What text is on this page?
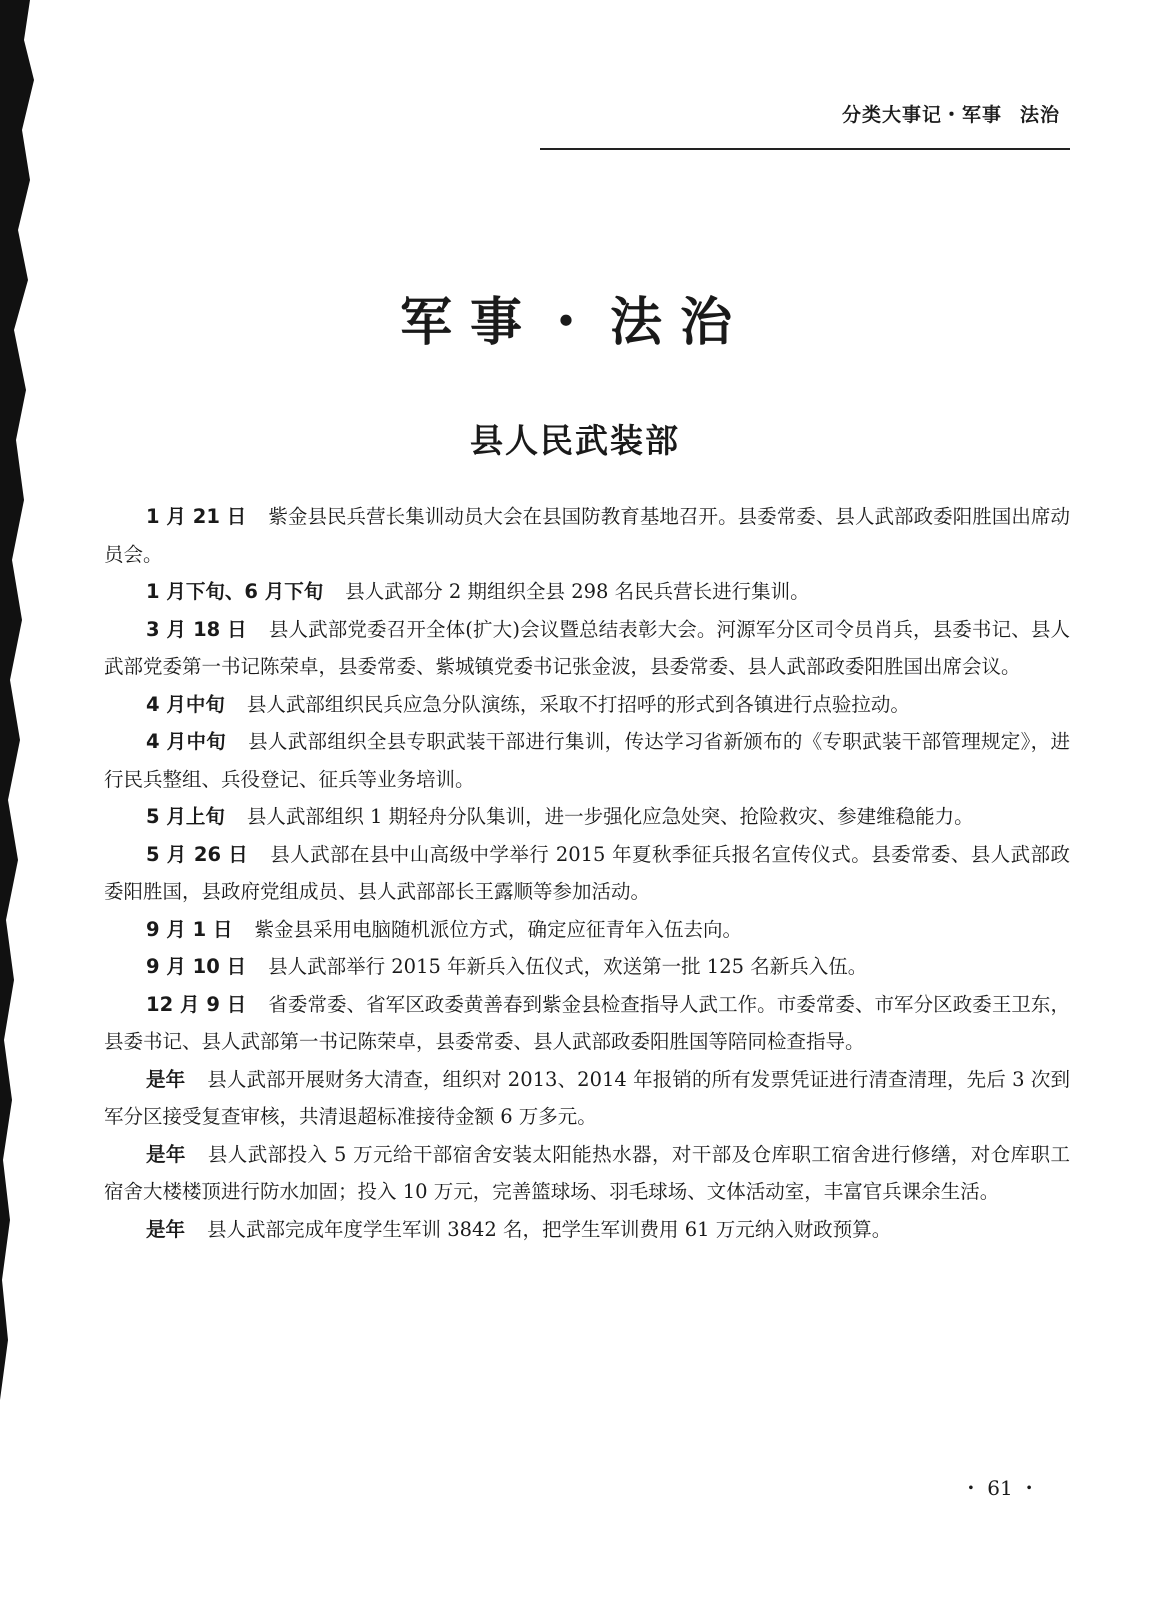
分类大事记・军事 法治
军事・法治
县人民武装部

1 月 21 日 紫金县民兵营长集训动员大会在县国防教育基地召开。县委常委、县人武部政委阳胜国出席动员会。

1 月下旬、6 月下旬 县人武部分 2 期组织全县 298 名民兵营长进行集训。

3 月 18 日 县人武部党委召开全体(扩大)会议暨总结表彰大会。河源军分区司令员肖兵，县委书记、县人武部党委第一书记陈荣卓，县委常委、紫城镇党委书记张金波，县委常委、县人武部政委阳胜国出席会议。

4 月中旬 县人武部组织民兵应急分队演练，采取不打招呼的形式到各镇进行点验拉动。

4 月中旬 县人武部组织全县专职武装干部进行集训，传达学习省新颁布的《专职武装干部管理规定》，进行民兵整组、兵役登记、征兵等业务培训。

5 月上旬 县人武部组织 1 期轻舟分队集训，进一步强化应急处突、抢险救灾、参建维稳能力。

5 月 26 日 县人武部在县中山高级中学举行 2015 年夏秋季征兵报名宣传仪式。县委常委、县人武部政委阳胜国，县政府党组成员、县人武部部长王露顺等参加活动。

9 月 1 日 紫金县采用电脑随机派位方式，确定应征青年入伍去向。

9 月 10 日 县人武部举行 2015 年新兵入伍仪式，欢送第一批 125 名新兵入伍。

12 月 9 日 省委常委、省军区政委黄善春到紫金县检查指导人武工作。市委常委、市军分区政委王卫东，县委书记、县人武部第一书记陈荣卓，县委常委、县人武部政委阳胜国等陪同检查指导。

是年 县人武部开展财务大清查，组织对 2013、2014 年报销的所有发票凭证进行清查清理，先后 3 次到军分区接受复查审核，共清退超标准接待金额 6 万多元。

是年 县人武部投入 5 万元给干部宿舍安装太阳能热水器，对干部及仓库职工宿舍进行修缮，对仓库职工宿舍大楼楼顶进行防水加固；投入 10 万元，完善篮球场、羽毛球场、文体活动室，丰富官兵课余生活。

是年 县人武部完成年度学生军训 3842 名，把学生军训费用 61 万元纳入财政预算。

・ 61 ・
